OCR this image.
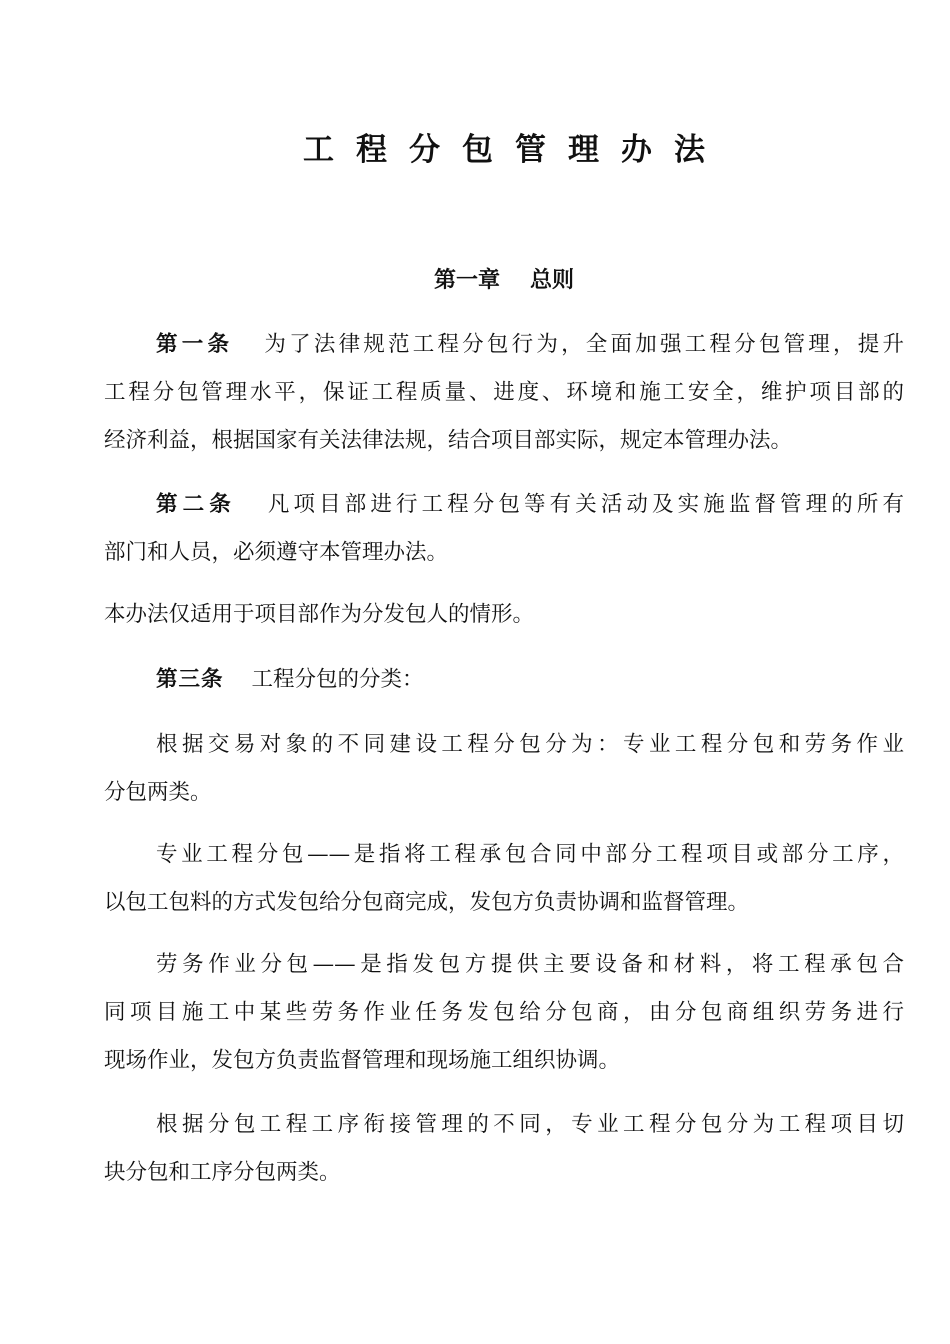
工程分包管理办法
第一章 总则
第一条 为了法律规范工程分包行为，全面加强工程分包管理，提升
工程分包管理水平，保证工程质量、进度、环境和施工安全，维护项目部的
经济利益，根据国家有关法律法规，结合项目部实际，规定本管理办法。
第二条 凡项目部进行工程分包等有关活动及实施监督管理的所有
部门和人员，必须遵守本管理办法。
本办法仅适用于项目部作为分发包人的情形。
第三条 工程分包的分类：
根据交易对象的不同建设工程分包分为：专业工程分包和劳务作业
分包两类。
专业工程分包——是指将工程承包合同中部分工程项目或部分工序，
以包工包料的方式发包给分包商完成，发包方负责协调和监督管理。
劳务作业分包——是指发包方提供主要设备和材料，将工程承包合
同项目施工中某些劳务作业任务发包给分包商，由分包商组织劳务进行
现场作业，发包方负责监督管理和现场施工组织协调。
根据分包工程工序衔接管理的不同，专业工程分包分为工程项目切
块分包和工序分包两类。
